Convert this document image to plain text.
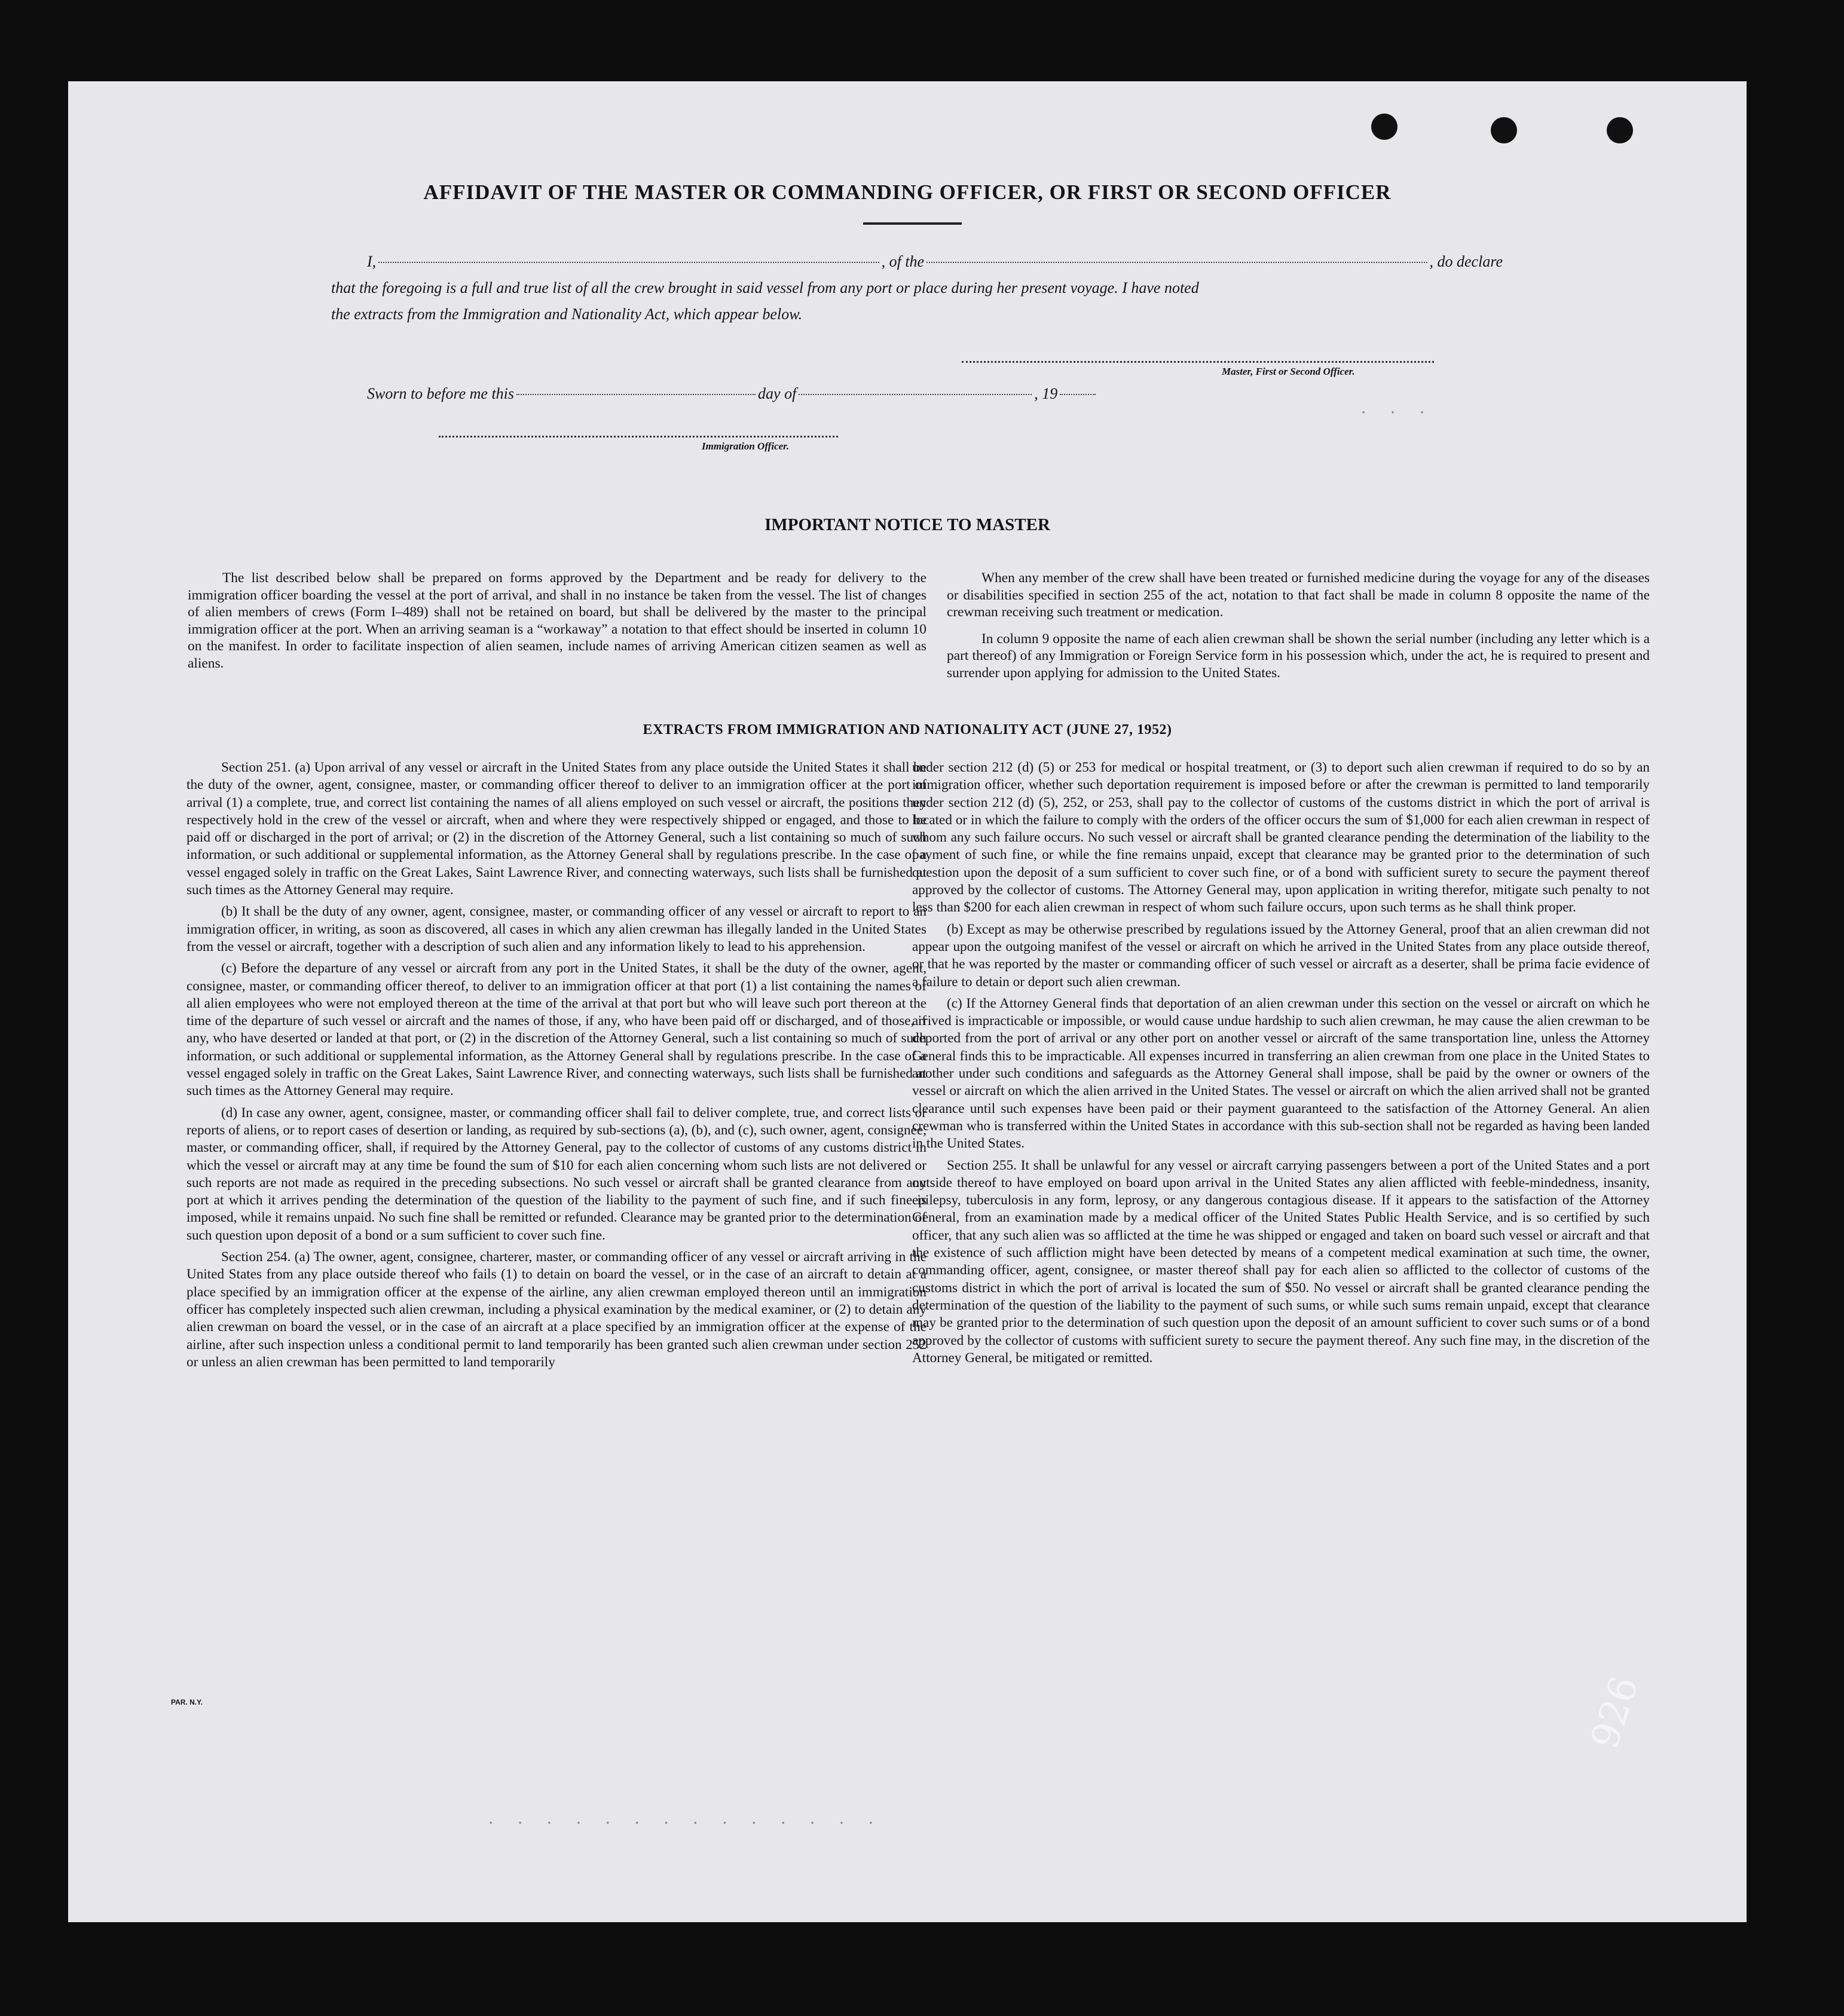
· · ·
· · · · · · · · · · · · · ·
AFFIDAVIT OF THE MASTER OR COMMANDING OFFICER, OR FIRST OR SECOND OFFICER
I,	, of the	, do declare
that the foregoing is a full and true list of all the crew brought in said vessel from any port or place during her present voyage. I have noted
the extracts from the Immigration and Nationality Act, which appear below.
Master, First or Second Officer.
Sworn to before me this	day of	, 19
Immigration Officer.
IMPORTANT NOTICE TO MASTER

The list described below shall be prepared on forms approved by the Department and be ready for delivery to the immigration officer boarding the vessel at the port of arrival, and shall in no instance be taken from the vessel. The list of changes of alien members of crews (Form I–489) shall not be retained on board, but shall be delivered by the master to the principal immigration officer at the port. When an arriving seaman is a “workaway” a notation to that effect should be inserted in column 10 on the manifest. In order to facilitate inspection of alien seamen, include names of arriving American citizen seamen as well as aliens.

When any member of the crew shall have been treated or furnished medicine during the voyage for any of the diseases or disabilities specified in section 255 of the act, notation to that fact shall be made in column 8 opposite the name of the crewman receiving such treatment or medication.

In column 9 opposite the name of each alien crewman shall be shown the serial number (including any letter which is a part thereof) of any Immigration or Foreign Service form in his possession which, under the act, he is required to present and surrender upon applying for admission to the United States.

EXTRACTS FROM IMMIGRATION AND NATIONALITY ACT (JUNE 27, 1952)

Section 251. (a) Upon arrival of any vessel or aircraft in the United States from any place outside the United States it shall be the duty of the owner, agent, consignee, master, or commanding officer thereof to deliver to an immigration officer at the port of arrival (1) a complete, true, and correct list containing the names of all aliens employed on such vessel or aircraft, the positions they respectively hold in the crew of the vessel or aircraft, when and where they were respectively shipped or engaged, and those to be paid off or discharged in the port of arrival; or (2) in the discretion of the Attorney General, such a list containing so much of such information, or such additional or supplemental information, as the Attorney General shall by regulations prescribe. In the case of a vessel engaged solely in traffic on the Great Lakes, Saint Lawrence River, and connecting waterways, such lists shall be furnished at such times as the Attorney General may require.

(b) It shall be the duty of any owner, agent, consignee, master, or commanding officer of any vessel or aircraft to report to an immigration officer, in writing, as soon as discovered, all cases in which any alien crewman has illegally landed in the United States from the vessel or aircraft, together with a description of such alien and any information likely to lead to his apprehension.

(c) Before the departure of any vessel or aircraft from any port in the United States, it shall be the duty of the owner, agent, consignee, master, or commanding officer thereof, to deliver to an immigration officer at that port (1) a list containing the names of all alien employees who were not employed thereon at the time of the arrival at that port but who will leave such port thereon at the time of the departure of such vessel or aircraft and the names of those, if any, who have been paid off or discharged, and of those, if any, who have deserted or landed at that port, or (2) in the discretion of the Attorney General, such a list containing so much of such information, or such additional or supplemental information, as the Attorney General shall by regulations prescribe. In the case of a vessel engaged solely in traffic on the Great Lakes, Saint Lawrence River, and connecting waterways, such lists shall be furnished at such times as the Attorney General may require.

(d) In case any owner, agent, consignee, master, or commanding officer shall fail to deliver complete, true, and correct lists or reports of aliens, or to report cases of desertion or landing, as required by sub-sections (a), (b), and (c), such owner, agent, consignee, master, or commanding officer, shall, if required by the Attorney General, pay to the collector of customs of any customs district in which the vessel or aircraft may at any time be found the sum of $10 for each alien concerning whom such lists are not delivered or such reports are not made as required in the preceding subsections. No such vessel or aircraft shall be granted clearance from any port at which it arrives pending the determination of the question of the liability to the payment of such fine, and if such fine is imposed, while it remains unpaid. No such fine shall be remitted or refunded. Clearance may be granted prior to the determination of such question upon deposit of a bond or a sum sufficient to cover such fine.

Section 254. (a) The owner, agent, consignee, charterer, master, or commanding officer of any vessel or aircraft arriving in the United States from any place outside thereof who fails (1) to detain on board the vessel, or in the case of an aircraft to detain at a place specified by an immigration officer at the expense of the airline, any alien crewman employed thereon until an immigration officer has completely inspected such alien crewman, including a physical examination by the medical examiner, or (2) to detain any alien crewman on board the vessel, or in the case of an aircraft at a place specified by an immigration officer at the expense of the airline, after such inspection unless a conditional permit to land temporarily has been granted such alien crewman under section 252 or unless an alien crewman has been permitted to land temporarily

under section 212 (d) (5) or 253 for medical or hospital treatment, or (3) to deport such alien crewman if required to do so by an immigration officer, whether such deportation requirement is imposed before or after the crewman is permitted to land temporarily under section 212 (d) (5), 252, or 253, shall pay to the collector of customs of the customs district in which the port of arrival is located or in which the failure to comply with the orders of the officer occurs the sum of $1,000 for each alien crewman in respect of whom any such failure occurs. No such vessel or aircraft shall be granted clearance pending the determination of the liability to the payment of such fine, or while the fine remains unpaid, except that clearance may be granted prior to the determination of such question upon the deposit of a sum sufficient to cover such fine, or of a bond with sufficient surety to secure the payment thereof approved by the collector of customs. The Attorney General may, upon application in writing therefor, mitigate such penalty to not less than $200 for each alien crewman in respect of whom such failure occurs, upon such terms as he shall think proper.

(b) Except as may be otherwise prescribed by regulations issued by the Attorney General, proof that an alien crewman did not appear upon the outgoing manifest of the vessel or aircraft on which he arrived in the United States from any place outside thereof, or that he was reported by the master or commanding officer of such vessel or aircraft as a deserter, shall be prima facie evidence of a failure to detain or deport such alien crewman.

(c) If the Attorney General finds that deportation of an alien crewman under this section on the vessel or aircraft on which he arrived is impracticable or impossible, or would cause undue hardship to such alien crewman, he may cause the alien crewman to be deported from the port of arrival or any other port on another vessel or aircraft of the same transportation line, unless the Attorney General finds this to be impracticable. All expenses incurred in transferring an alien crewman from one place in the United States to another under such conditions and safeguards as the Attorney General shall impose, shall be paid by the owner or owners of the vessel or aircraft on which the alien arrived in the United States. The vessel or aircraft on which the alien arrived shall not be granted clearance until such expenses have been paid or their payment guaranteed to the satisfaction of the Attorney General. An alien crewman who is transferred within the United States in accordance with this sub-section shall not be regarded as having been landed in the United States.

Section 255. It shall be unlawful for any vessel or aircraft carrying passengers between a port of the United States and a port outside thereof to have employed on board upon arrival in the United States any alien afflicted with feeble-mindedness, insanity, epilepsy, tuberculosis in any form, leprosy, or any dangerous contagious disease. If it appears to the satisfaction of the Attorney General, from an examination made by a medical officer of the United States Public Health Service, and is so certified by such officer, that any such alien was so afflicted at the time he was shipped or engaged and taken on board such vessel or aircraft and that the existence of such affliction might have been detected by means of a competent medical examination at such time, the owner, commanding officer, agent, consignee, or master thereof shall pay for each alien so afflicted to the collector of customs of the customs district in which the port of arrival is located the sum of $50. No vessel or aircraft shall be granted clearance pending the determination of the question of the liability to the payment of such sums, or while such sums remain unpaid, except that clearance may be granted prior to the determination of such question upon the deposit of an amount sufficient to cover such sums or of a bond approved by the collector of customs with sufficient surety to secure the payment thereof. Any such fine may, in the discretion of the Attorney General, be mitigated or remitted.

PAR. N.Y.	926
